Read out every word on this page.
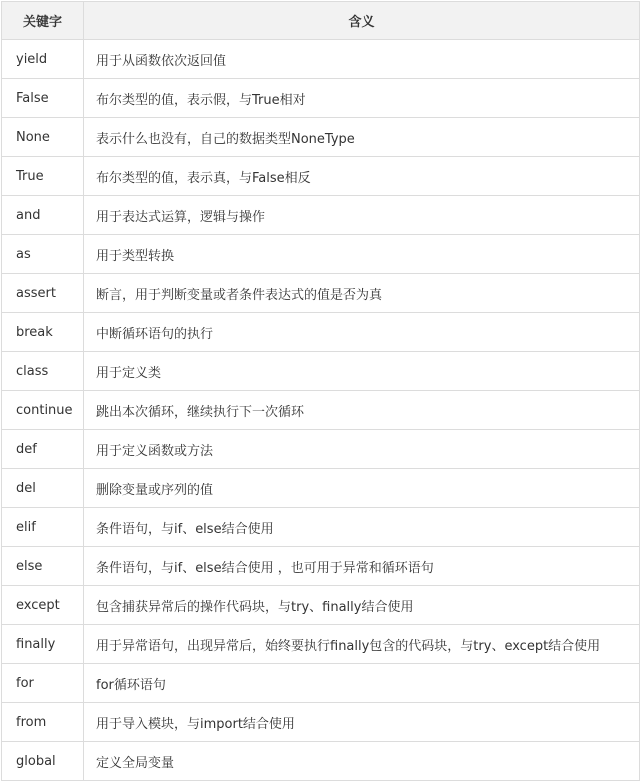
关键字	含义
yield	用于从函数依次返回值
False	布尔类型的值，表示假，与True相对
None	表示什么也没有，自己的数据类型NoneType
True	布尔类型的值，表示真，与False相反
and	用于表达式运算，逻辑与操作
as	用于类型转换
assert	断言，用于判断变量或者条件表达式的值是否为真
break	中断循环语句的执行
class	用于定义类
continue	跳出本次循环，继续执行下一次循环
def	用于定义函数或方法
del	删除变量或序列的值
elif	条件语句，与if、else结合使用
else	条件语句，与if、else结合使用 ，也可用于异常和循环语句
except	包含捕获异常后的操作代码块，与try、finally结合使用
finally	用于异常语句，出现异常后，始终要执行finally包含的代码块，与try、except结合使用
for	for循环语句
from	用于导入模块，与import结合使用
global	定义全局变量
